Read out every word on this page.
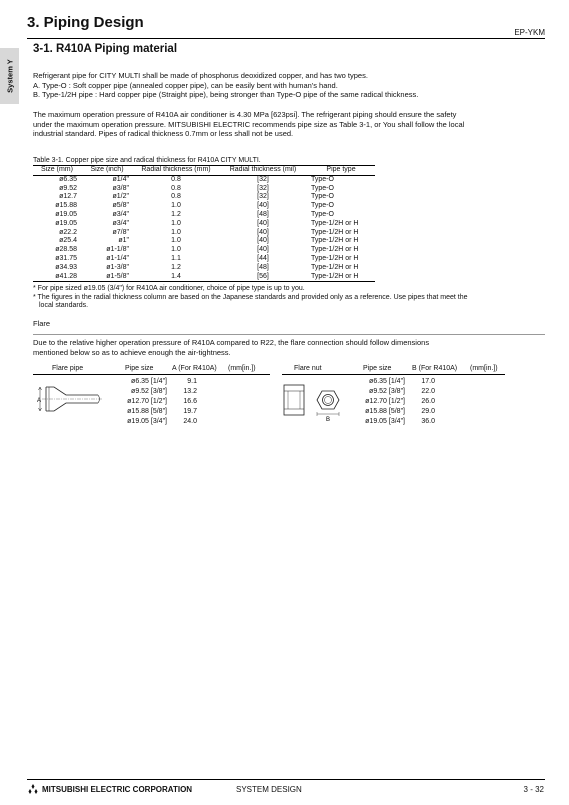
3. Piping Design
EP-YKM
System Y
3-1. R410A Piping material
Refrigerant pipe for CITY MULTI shall be made of phosphorus deoxidized copper, and has two types.
A. Type-O : Soft copper pipe (annealed copper pipe), can be easily bent with human's hand.
B. Type-1/2H pipe : Hard copper pipe (Straight pipe), being stronger than Type-O pipe of the same radical thickness.
The maximum operation pressure of R410A air conditioner is 4.30 MPa [623psi]. The refrigerant piping should ensure the safety
under the maximum operation pressure. MITSUBISHI ELECTRIC recommends pipe size as Table 3-1, or You shall follow the local
industrial standard. Pipes of radical thickness 0.7mm or less shall not be used.
Table 3-1. Copper pipe size and radical thickness for R410A CITY MULTI.
Size (mm)	Size (inch)	Radial thickness (mm)	Radial thickness (mil)	Pipe type
ø6.35	ø1/4"	0.8	[32]	Type-O
ø9.52	ø3/8"	0.8	[32]	Type-O
ø12.7	ø1/2"	0.8	[32]	Type-O
ø15.88	ø5/8"	1.0	[40]	Type-O
ø19.05	ø3/4"	1.2	[48]	Type-O
ø19.05	ø3/4"	1.0	[40]	Type-1/2H or H
ø22.2	ø7/8"	1.0	[40]	Type-1/2H or H
ø25.4	ø1"	1.0	[40]	Type-1/2H or H
ø28.58	ø1-1/8"	1.0	[40]	Type-1/2H or H
ø31.75	ø1-1/4"	1.1	[44]	Type-1/2H or H
ø34.93	ø1-3/8"	1.2	[48]	Type-1/2H or H
ø41.28	ø1-5/8"	1.4	[56]	Type-1/2H or H
* For pipe sized ø19.05 (3/4") for R410A air conditioner, choice of pipe type is up to you.
* The figures in the radial thickness column are based on the Japanese standards and provided only as a reference. Use pipes that meet the
local standards.
Flare
Due to the relative higher operation pressure of R410A compared to R22, the flare connection should follow dimensions
mentioned below so as to achieve enough the air-tightness.
Flare pipe	Pipe size	A (For R410A) (mm[in.])
ø6.35 [1/4"]	9.1
ø9.52 [3/8"]	13.2
ø12.70 [1/2"]	16.6
ø15.88 [5/8"]	19.7
ø19.05 [3/4"]	24.0
A
Flare nut	Pipe size	B (For R410A) (mm[in.])
ø6.35 [1/4"]	17.0
ø9.52 [3/8"]	22.0
ø12.70 [1/2"]	26.0
ø15.88 [5/8"]	29.0
ø19.05 [3/4"]	36.0
B
MITSUBISHI ELECTRIC CORPORATION	SYSTEM DESIGN	3 - 32
